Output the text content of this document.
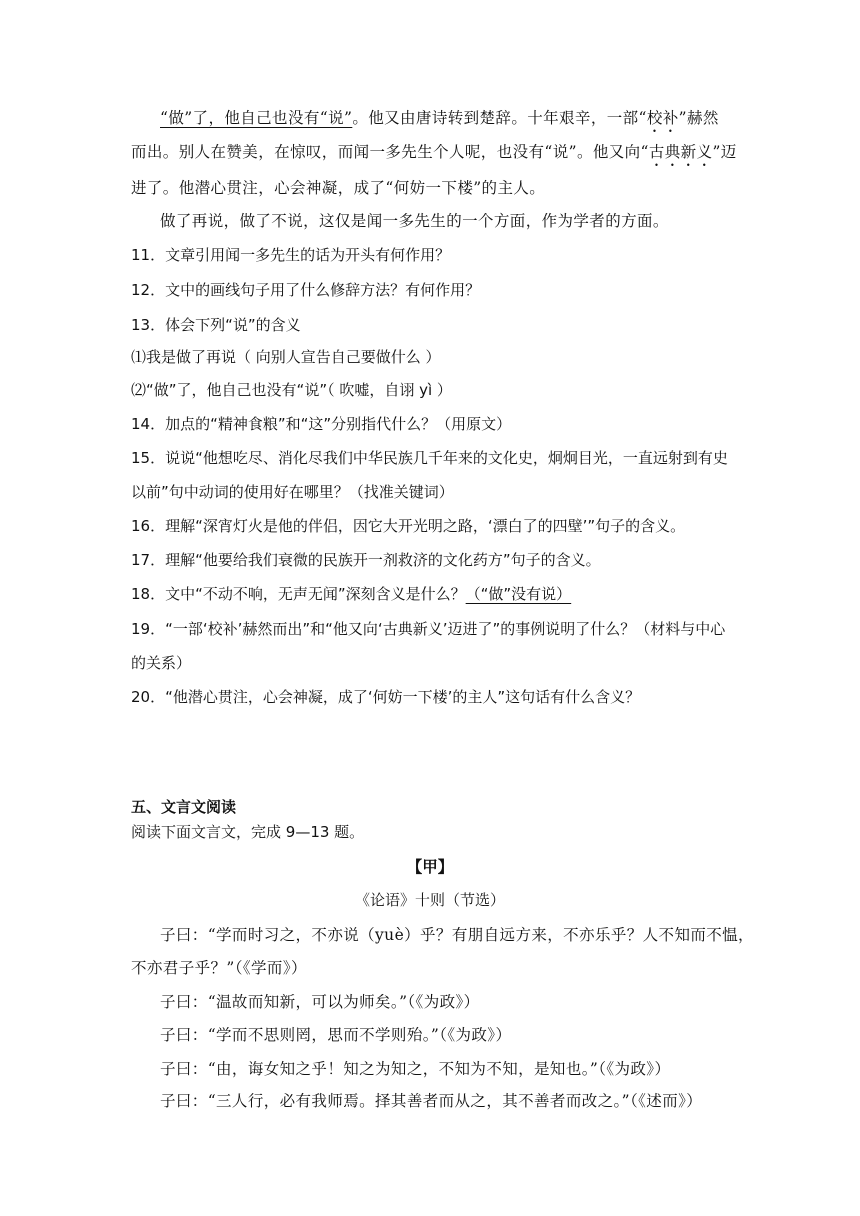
“做”了，他自己也没有“说”。他又由唐诗转到楚辞。十年艰辛，一部“校补”赫然
而出。别人在赞美，在惊叹，而闻一多先生个人呢，也没有“说”。他又向“古典新义”迈
进了。他潜心贯注，心会神凝，成了“何妨一下楼”的主人。
做了再说，做了不说，这仅是闻一多先生的一个方面，作为学者的方面。
11．文章引用闻一多先生的话为开头有何作用？
12．文中的画线句子用了什么修辞方法？有何作用？
13．体会下列“说”的含义
⑴我是做了再说（ 向别人宣告自己要做什么 ）
⑵“做”了，他自己也没有“说”（ 吹嘘，自诩 yì ）
14．加点的“精神食粮”和“这”分别指代什么？（用原文）
15．说说“他想吃尽、消化尽我们中华民族几千年来的文化史，炯炯目光，一直远射到有史
以前”句中动词的使用好在哪里？（找准关键词）
16．理解“深宵灯火是他的伴侣，因它大开光明之路，‘漂白了的四壁’”句子的含义。
17．理解“他要给我们衰微的民族开一剂救济的文化药方”句子的含义。
18．文中“不动不响，无声无闻”深刻含义是什么？（“做”没有说）
19．“一部‘校补’赫然而出”和“他又向‘古典新义’迈进了”的事例说明了什么？（材料与中心
的关系）
20．“他潜心贯注，心会神凝，成了‘何妨一下楼’的主人”这句话有什么含义？
五、文言文阅读
阅读下面文言文，完成 9—13 题。
【甲】
《论语》十则（节选）
子曰：“学而时习之，不亦说（yuè）乎？有朋自远方来，不亦乐乎？人不知而不愠，
不亦君子乎？”（《学而》）
子曰：“温故而知新，可以为师矣。”（《为政》）
子曰：“学而不思则罔，思而不学则殆。”（《为政》）
子曰：“由，诲女知之乎！知之为知之，不知为不知，是知也。”（《为政》）
子曰：“三人行，必有我师焉。择其善者而从之，其不善者而改之。”（《述而》）
